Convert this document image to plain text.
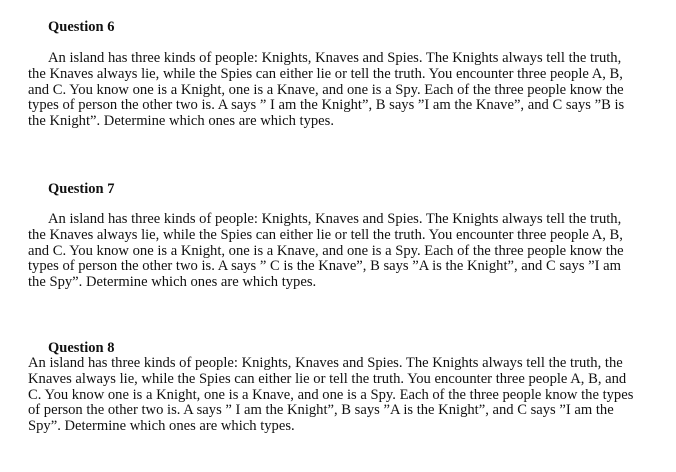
Question 6
An island has three kinds of people: Knights, Knaves and Spies. The Knights always tell the truth,
the Knaves always lie, while the Spies can either lie or tell the truth. You encounter three people A, B,
and C. You know one is a Knight, one is a Knave, and one is a Spy. Each of the three people know the
types of person the other two is. A says ” I am the Knight”, B says ”I am the Knave”, and C says ”B is
the Knight”. Determine which ones are which types.
Question 7
An island has three kinds of people: Knights, Knaves and Spies. The Knights always tell the truth,
the Knaves always lie, while the Spies can either lie or tell the truth. You encounter three people A, B,
and C. You know one is a Knight, one is a Knave, and one is a Spy. Each of the three people know the
types of person the other two is. A says ” C is the Knave”, B says ”A is the Knight”, and C says ”I am
the Spy”. Determine which ones are which types.
Question 8
An island has three kinds of people: Knights, Knaves and Spies. The Knights always tell the truth, the
Knaves always lie, while the Spies can either lie or tell the truth. You encounter three people A, B, and
C. You know one is a Knight, one is a Knave, and one is a Spy. Each of the three people know the types
of person the other two is. A says ” I am the Knight”, B says ”A is the Knight”, and C says ”I am the
Spy”. Determine which ones are which types.
